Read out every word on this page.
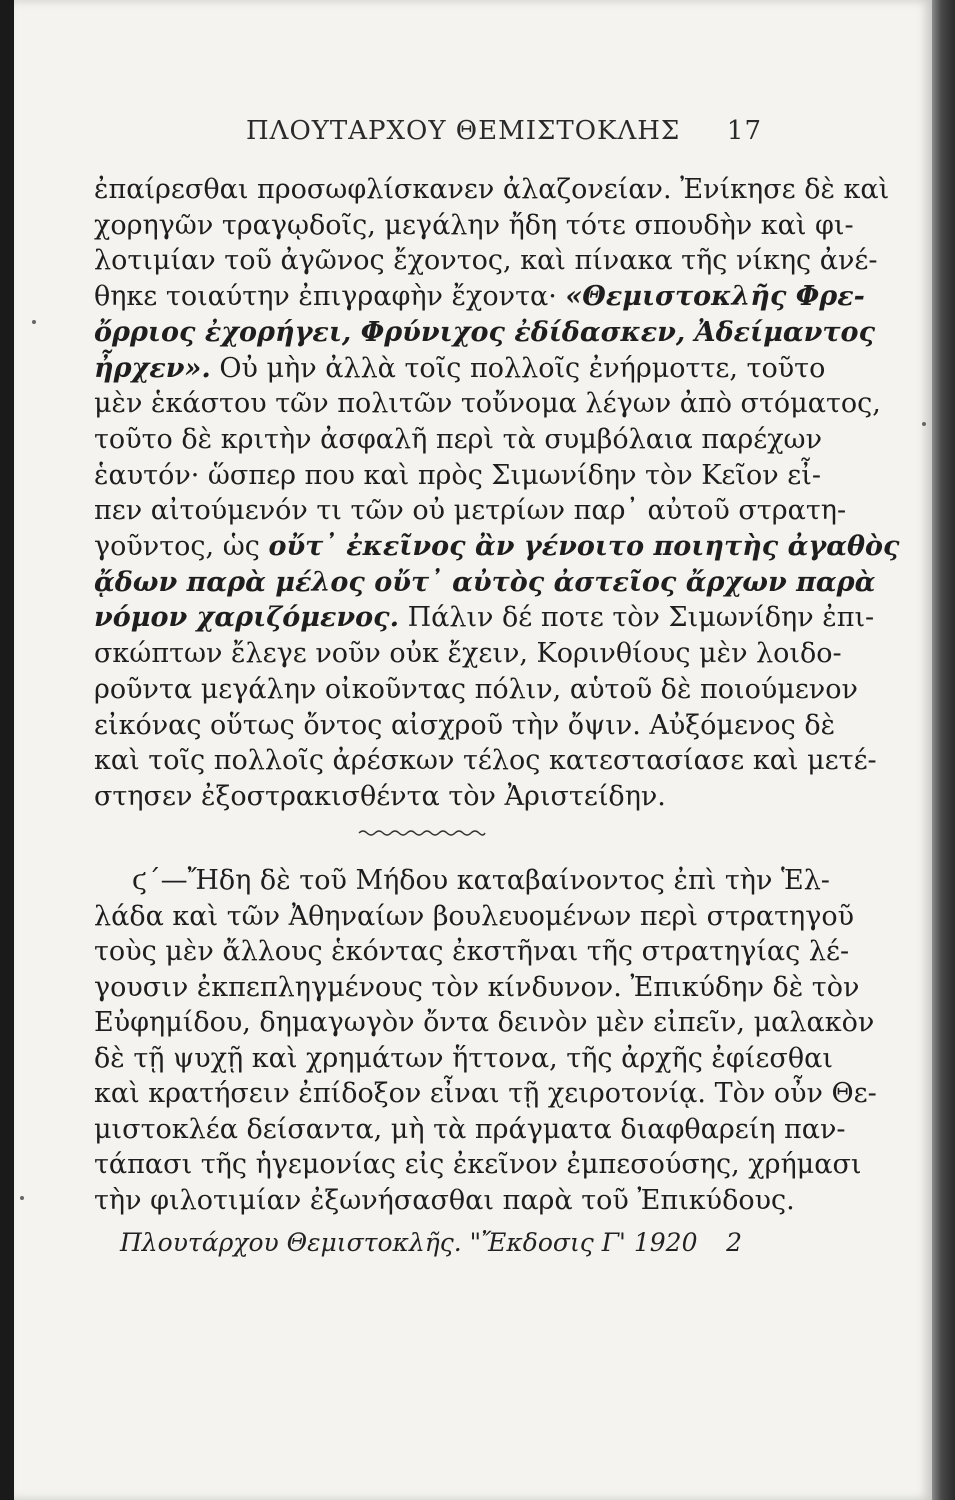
ΠΛΟΥΤΑΡΧΟΥ ΘΕΜΙΣΤΟΚΛΗΣ 17
ἐπαίρεσθαι προσωφλίσκανεν ἀλαζονείαν. Ἐνίκησε δὲ καὶ
χορηγῶν τραγῳδοῖς, μεγάλην ἤδη τότε σπουδὴν καὶ φι-
λοτιμίαν τοῦ ἀγῶνος ἔχοντος, καὶ πίνακα τῆς νίκης ἀνέ-
θηκε τοιαύτην ἐπιγραφὴν ἔχοντα· «Θεμιστοκλῆς Φρε-
ὄρριος ἐχορήγει, Φρύνιχος ἐδίδασκεν, Ἀδείμαντος
ἦρχεν». Οὐ μὴν ἀλλὰ τοῖς πολλοῖς ἐνήρμοττε, τοῦτο
μὲν ἑκάστου τῶν πολιτῶν τοὔνομα λέγων ἀπὸ στόματος,
τοῦτο δὲ κριτὴν ἀσφαλῆ περὶ τὰ συμβόλαια παρέχων
ἑαυτόν· ὥσπερ που καὶ πρὸς Σιμωνίδην τὸν Κεῖον εἶ-
πεν αἰτούμενόν τι τῶν οὐ μετρίων παρ᾿ αὐτοῦ στρατη-
γοῦντος, ὡς οὔτ᾿ ἐκεῖνος ἂν γένοιτο ποιητὴς ἀγαθὸς
ᾄδων παρὰ μέλος οὔτ᾿ αὐτὸς ἀστεῖος ἄρχων παρὰ
νόμον χαριζόμενος. Πάλιν δέ ποτε τὸν Σιμωνίδην ἐπι-
σκώπτων ἔλεγε νοῦν οὐκ ἔχειν, Κορινθίους μὲν λοιδο-
ροῦντα μεγάλην οἰκοῦντας πόλιν, αὑτοῦ δὲ ποιούμενον
εἰκόνας οὕτως ὄντος αἰσχροῦ τὴν ὄψιν. Αὐξόμενος δὲ
καὶ τοῖς πολλοῖς ἀρέσκων τέλος κατεστασίασε καὶ μετέ-
στησεν ἐξοστρακισθέντα τὸν Ἀριστείδην.
ϛ΄—Ἤδη δὲ τοῦ Μήδου καταβαίνοντος ἐπὶ τὴν Ἑλ-
λάδα καὶ τῶν Ἀθηναίων βουλευομένων περὶ στρατηγοῦ
τοὺς μὲν ἄλλους ἑκόντας ἐκστῆναι τῆς στρατηγίας λέ-
γουσιν ἐκπεπληγμένους τὸν κίνδυνον. Ἐπικύδην δὲ τὸν
Εὐφημίδου, δημαγωγὸν ὄντα δεινὸν μὲν εἰπεῖν, μαλακὸν
δὲ τῇ ψυχῇ καὶ χρημάτων ἥττονα, τῆς ἀρχῆς ἐφίεσθαι
καὶ κρατήσειν ἐπίδοξον εἶναι τῇ χειροτονίᾳ. Τὸν οὖν Θε-
μιστοκλέα δείσαντα, μὴ τὰ πράγματα διαφθαρείη παν-
τάπασι τῆς ἡγεμονίας εἰς ἐκεῖνον ἐμπεσούσης, χρήμασι
τὴν φιλοτιμίαν ἐξωνήσασθαι παρὰ τοῦ Ἐπικύδους.
Πλουτάρχου Θεμιστοκλῆς. "Ἔκδοσις Γ' 1920 2
